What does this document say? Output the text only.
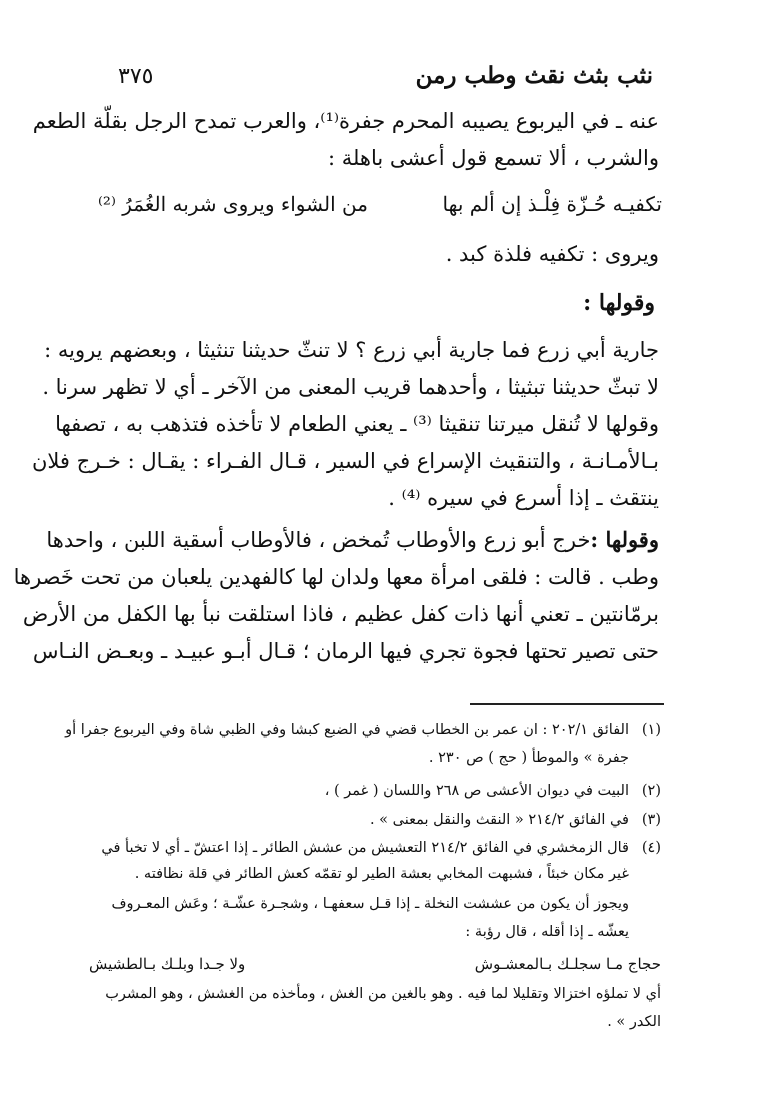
٣٧٥	نثب بثث نقث وطب رمن
عنه ـ في اليربوع يصيبه المحرم جفرة⁽¹⁾، والعرب تمدح الرجل بقلّة الطعم
والشرب ، ألا تسمع قول أعشى باهلة :
تكفيـه حُـزّة فِلْـذ إن ألم بها
من الشواء ويروى شربه الغُمَرُ ⁽²⁾
ويروى : تكفيه فلذة كبد .
وقولها :
جارية أبي زرع فما جارية أبي زرع ؟ لا تنثّ حديثنا تنثيثا ، وبعضهم يرويه :
لا تبثّ حديثنا تبثيثا ، وأحدهما قريب المعنى من الآخر ـ أي لا تظهر سرنا .
وقولها لا تُنقل ميرتنا تنقيثا ⁽³⁾ ـ يعني الطعام لا تأخذه فتذهب به ، تصفها
بـالأمـانـة ، والتنقيث الإسراع في السير ، قـال الفـراء : يقـال : خـرج فلان
ينتقث ـ إذا أسرع في سيره ⁽⁴⁾ .
وقولها :خرج أبو زرع والأوطاب تُمخض ، فالأوطاب أسقية اللبن ، واحدها
وطب . قالت : فلقى امرأة معها ولدان لها كالفهدين يلعبان من تحت خَصرها
برمّانتين ـ تعني أنها ذات كفل عظيم ، فاذا استلقت نبأ بها الكفل من الأرض
حتى تصير تحتها فجوة تجري فيها الرمان ؛ قـال أبـو عبيـد ـ وبعـض النـاس
(١)الفائق ٢٠٢/١ : ان عمر بن الخطاب قضي في الضبع كبشا وفي الظبي شاة وفي اليربوع جفرا أو
جفرة » والموطأ ( حج ) ص ٢٣٠ .
(٢)البيت في ديوان الأعشى ص ٢٦٨ واللسان ( غمر ) ،
(٣)في الفائق ٢١٤/٢ « النقث والنقل بمعنى » .
(٤)قال الزمخشري في الفائق ٢١٤/٢ التعشيش من عشش الطائر ـ إذا اعتشّ ـ أي لا تخبأ في
غير مكان خبئاً ، فشبهت المخابي بعشة الطير لو تقمّه كعش الطائر في قلة نظافته .
ويجوز أن يكون من عششت النخلة ـ إذا قـل سعفهـا ، وشجـرة عشّـة ؛ وعَش المعـروف
يعشّه ـ إذا أقله ، قال رؤبة :
حجاج مـا سجلـك بـالمعشـوش
ولا جـدا وبلـك بـالطشيش
أي لا تملؤه اختزالا وتقليلا لما فيه . وهو بالغين من الغش ، ومأخذه من الغشش ، وهو المشرب
الكدر » .
